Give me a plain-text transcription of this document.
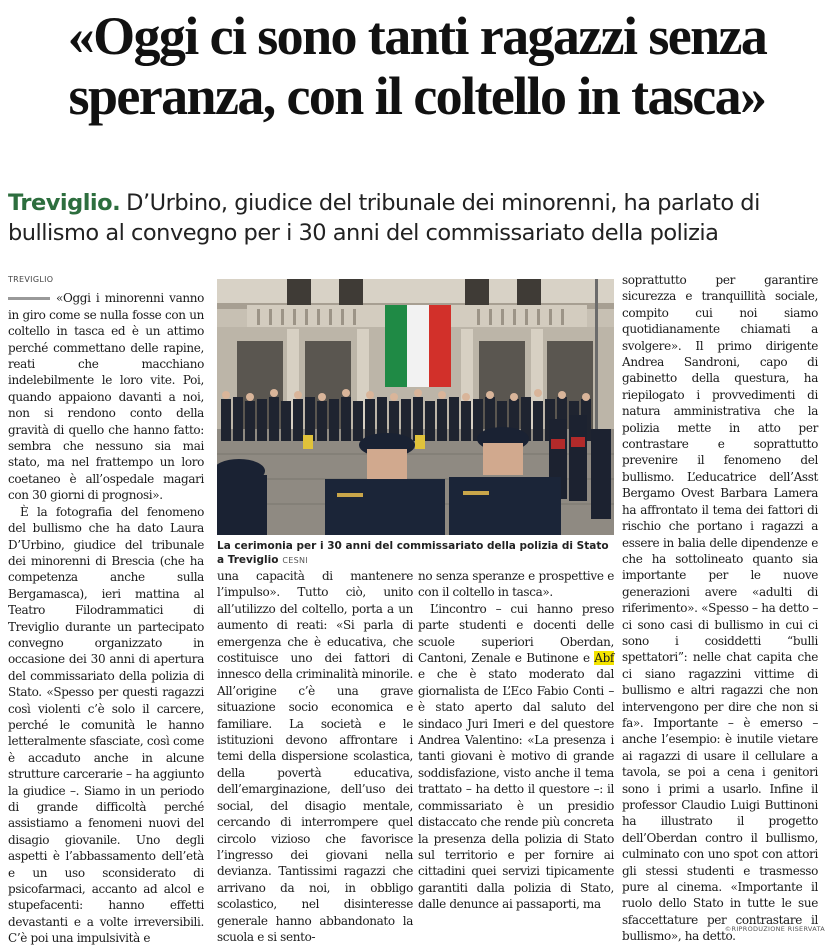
«Oggi ci sono tanti ragazzi senza
speranza, con il coltello in tasca»

Treviglio. D’Urbino, giudice del tribunale dei minorenni, ha parlato di bullismo al convegno per i 30 anni del commissariato della polizia

TREVIGLIO

«Oggi i minorenni vanno in giro come se nulla fosse con un coltello in tasca ed è un attimo perché commettano delle rapine, reati che macchiano indelebilmente le loro vite. Poi, quando appaiono davanti a noi, non si rendono conto della gravità di quello che hanno fatto: sembra che nessuno sia mai stato, ma nel frattempo un loro coetaneo è all’ospedale magari con 30 giorni di prognosi».

È la fotografia del fenomeno del bullismo che ha dato Laura D’Urbino, giudice del tribunale dei minorenni di Brescia (che ha competenza anche sulla Bergamasca), ieri mattina al Teatro Filodrammatici di Treviglio durante un partecipato convegno organizzato in occasione dei 30 anni di apertura del commissariato della polizia di Stato. «Spesso per questi ragazzi così violenti c’è solo il carcere, perché le comunità le hanno letteralmente sfasciate, così come è accaduto anche in alcune strutture carcerarie – ha aggiunto la giudice –. Siamo in un periodo di grande difficoltà perché assistiamo a fenomeni nuovi del disagio giovanile. Uno degli aspetti è l’abbassamento dell’età e un uso sconsiderato di psicofarmaci, accanto ad alcol e stupefacenti: hanno effetti devastanti e a volte irreversibili. C’è poi una impulsività e

La cerimonia per i 30 anni del commissariato della polizia di Stato a Treviglio CESNI

una capacità di mantenere l’impulso». Tutto ciò, unito all’utilizzo del coltello, porta a un aumento di reati: «Si parla di emergenza che è educativa, che costituisce uno dei fattori di innesco della criminalità minorile. All’origine c’è una grave situazione socio economica e familiare. La società e le istituzioni devono affrontare i temi della dispersione scolastica, della povertà educativa, dell’emarginazione, dell’uso dei social, del disagio mentale, cercando di interrompere quel circolo vizioso che favorisce l’ingresso dei giovani nella devianza. Tantissimi ragazzi che arrivano da noi, in obbligo scolastico, nel disinteresse generale hanno abbandonato la scuola e si sento-

no senza speranze e prospettive e con il coltello in tasca».

L’incontro – cui hanno preso parte studenti e docenti delle scuole superiori Oberdan, Cantoni, Zenale e Butinone e Abf e che è stato moderato dal giornalista de L’Eco Fabio Conti – è stato aperto dal saluto del sindaco Juri Imeri e del questore Andrea Valentino: «La presenza i tanti giovani è motivo di grande soddisfazione, visto anche il tema trattato – ha detto il questore –: il commissariato è un presidio distaccato che rende più concreta la presenza della polizia di Stato sul territorio e per fornire ai cittadini quei servizi tipicamente garantiti dalla polizia di Stato, dalle denunce ai passaporti, ma

soprattutto per garantire sicurezza e tranquillità sociale, compito cui noi siamo quotidianamente chiamati a svolgere». Il primo dirigente Andrea Sandroni, capo di gabinetto della questura, ha riepilogato i provvedimenti di natura amministrativa che la polizia mette in atto per contrastare e soprattutto prevenire il fenomeno del bullismo. L’educatrice dell’Asst Bergamo Ovest Barbara Lamera ha affrontato il tema dei fattori di rischio che portano i ragazzi a essere in balia delle dipendenze e che ha sottolineato quanto sia importante per le nuove generazioni avere «adulti di riferimento». «Spesso – ha detto – ci sono casi di bullismo in cui ci sono i cosiddetti “bulli spettatori”: nelle chat capita che ci siano ragazzini vittime di bullismo e altri ragazzi che non intervengono per dire che non si fa». Importante – è emerso – anche l’esempio: è inutile vietare ai ragazzi di usare il cellulare a tavola, se poi a cena i genitori sono i primi a usarlo. Infine il professor Claudio Luigi Buttinoni ha illustrato il progetto dell’Oberdan contro il bullismo, culminato con uno spot con attori gli stessi studenti e trasmesso pure al cinema. «Importante il ruolo dello Stato in tutte le sue sfaccettature per contrastare il bullismo», ha detto.

©RIPRODUZIONE RISERVATA
